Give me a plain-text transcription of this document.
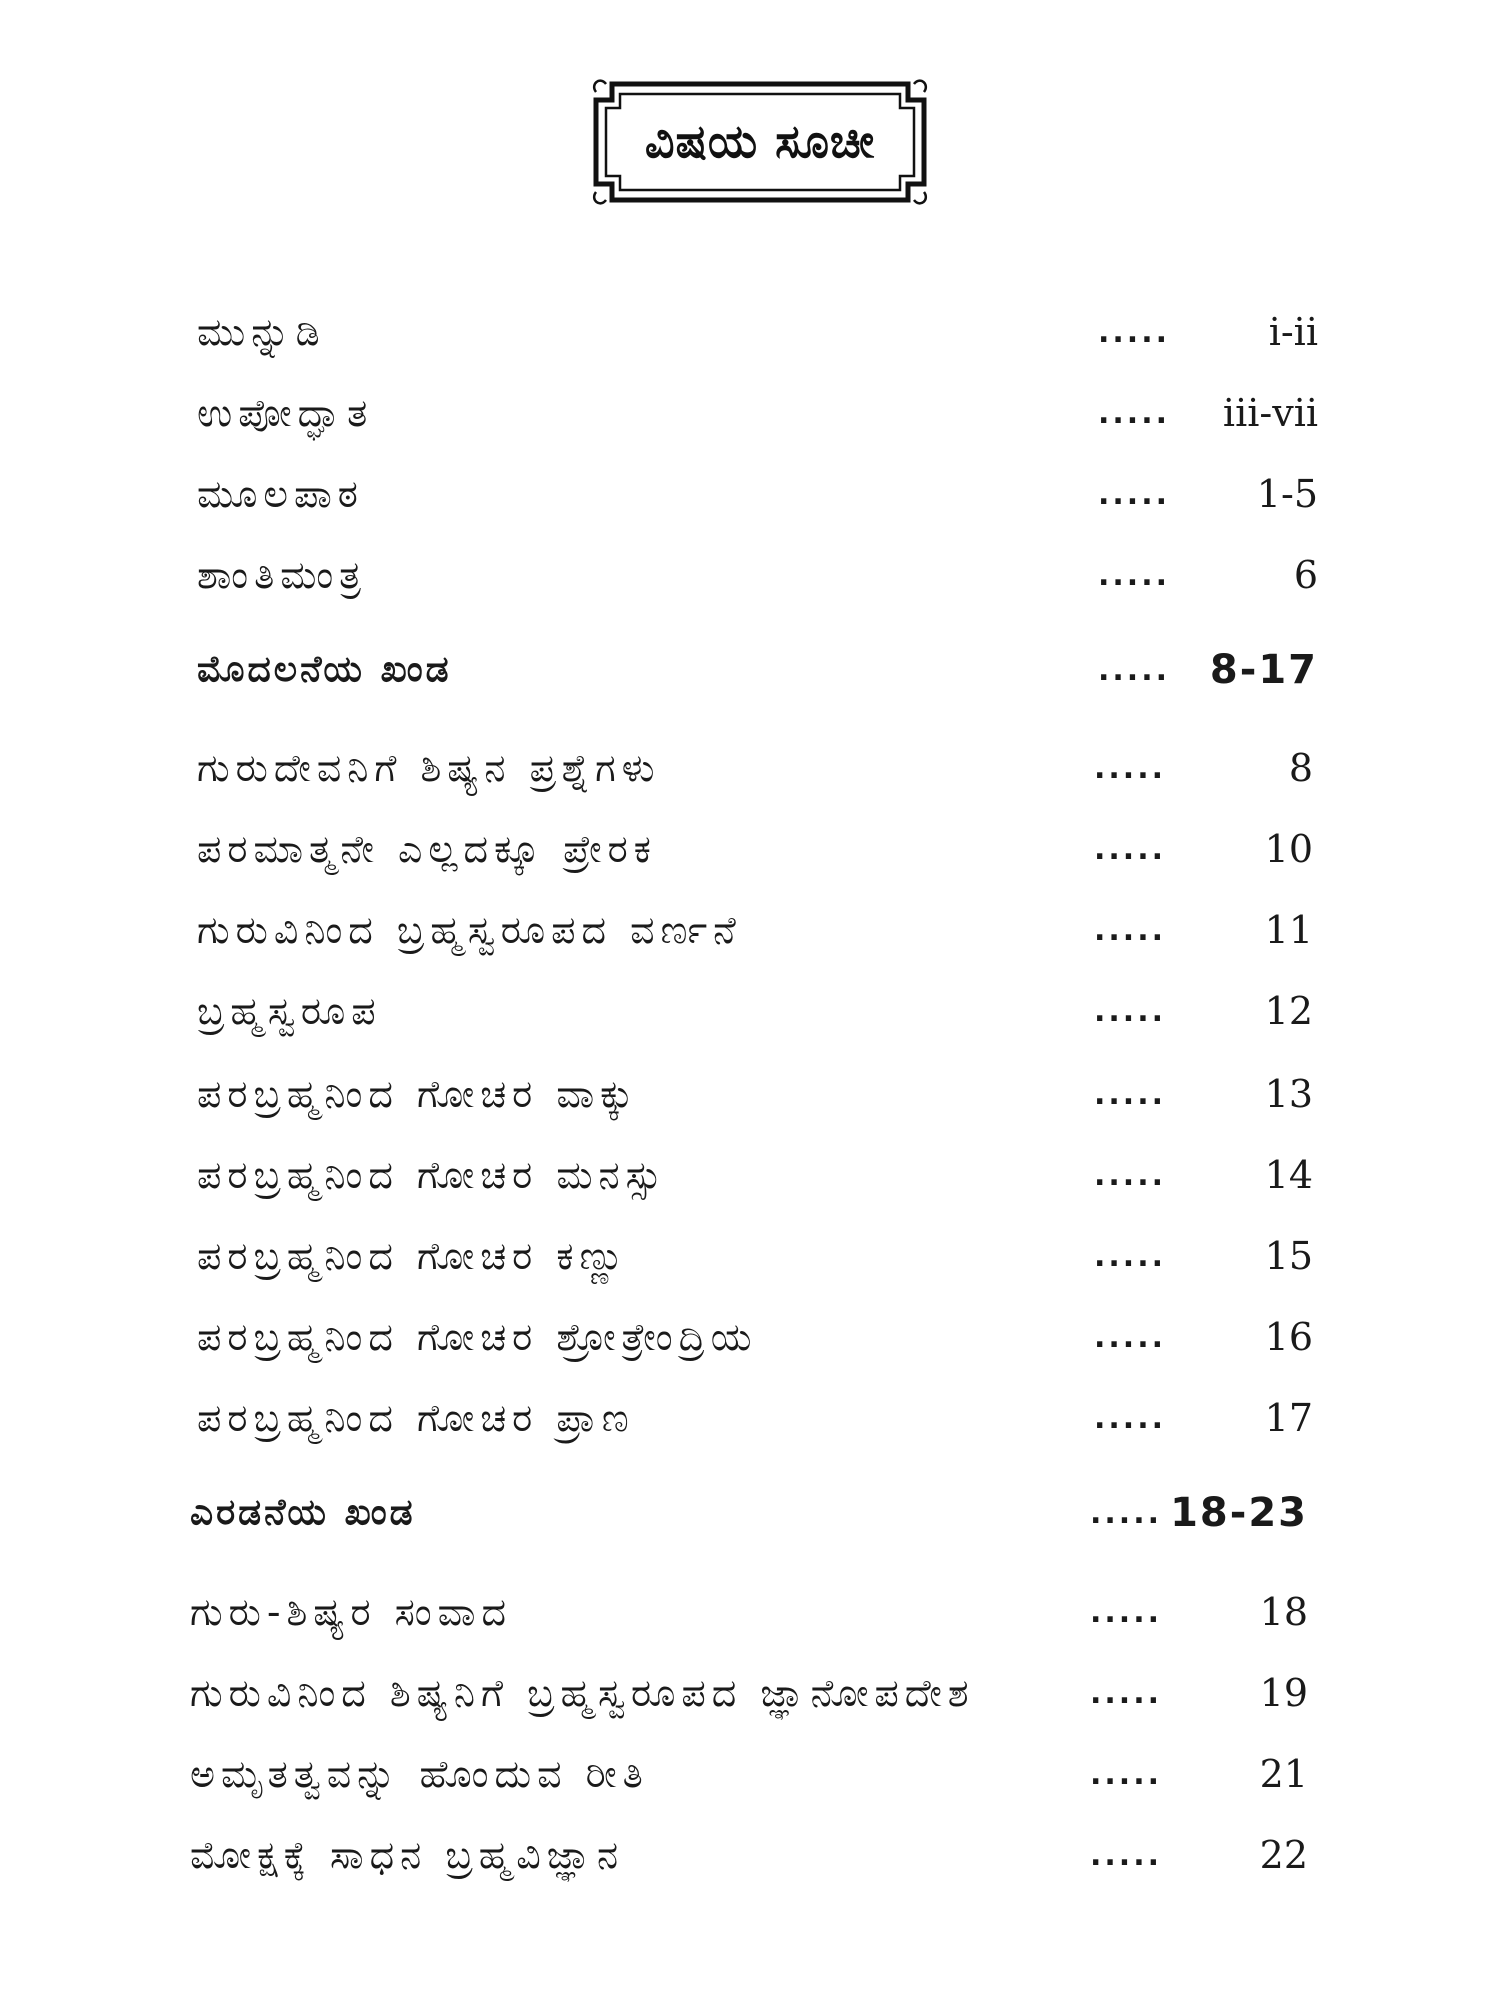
ವಿಷಯ ಸೂಚೀ
ಮುನ್ನುಡಿ	.....	i-ii
ಉಪೋದ್ಘಾತ	..... iii-vii
ಮೂಲಪಾಠ	..... 1-5
ಶಾಂತಿಮಂತ್ರ	.....	6
ಮೊದಲನೆಯ ಖಂಡ	..... 8-17
ಗುರುದೇವನಿಗೆ ಶಿಷ್ಯನ ಪ್ರಶ್ನೆಗಳು	.....	8
ಪರಮಾತ್ಮನೇ ಎಲ್ಲದಕ್ಕೂ ಪ್ರೇರಕ	.....	10
ಗುರುವಿನಿಂದ ಬ್ರಹ್ಮಸ್ವರೂಪದ ವರ್ಣನೆ	.....	11
ಬ್ರಹ್ಮಸ್ವರೂಪ	.....	12
ಪರಬ್ರಹ್ಮನಿಂದ ಗೋಚರ ವಾಕ್ಕು	.....	13
ಪರಬ್ರಹ್ಮನಿಂದ ಗೋಚರ ಮನಸ್ಸು	.....	14
ಪರಬ್ರಹ್ಮನಿಂದ ಗೋಚರ ಕಣ್ಣು	.....	15
ಪರಬ್ರಹ್ಮನಿಂದ ಗೋಚರ ಶ್ರೋತ್ರೇಂದ್ರಿಯ	.....	16
ಪರಬ್ರಹ್ಮನಿಂದ ಗೋಚರ ಪ್ರಾಣ	.....	17
ಎರಡನೆಯ ಖಂಡ	..... 18-23
ಗುರು-ಶಿಷ್ಯರ ಸಂವಾದ	.....	18
ಗುರುವಿನಿಂದ ಶಿಷ್ಯನಿಗೆ ಬ್ರಹ್ಮಸ್ವರೂಪದ ಜ್ಞಾನೋಪದೇಶ	.....	19
ಅಮೃತತ್ವವನ್ನು ಹೊಂದುವ ರೀತಿ	.....	21
ಮೋಕ್ಷಕ್ಕೆ ಸಾಧನ ಬ್ರಹ್ಮವಿಜ್ಞಾನ	.....	22
